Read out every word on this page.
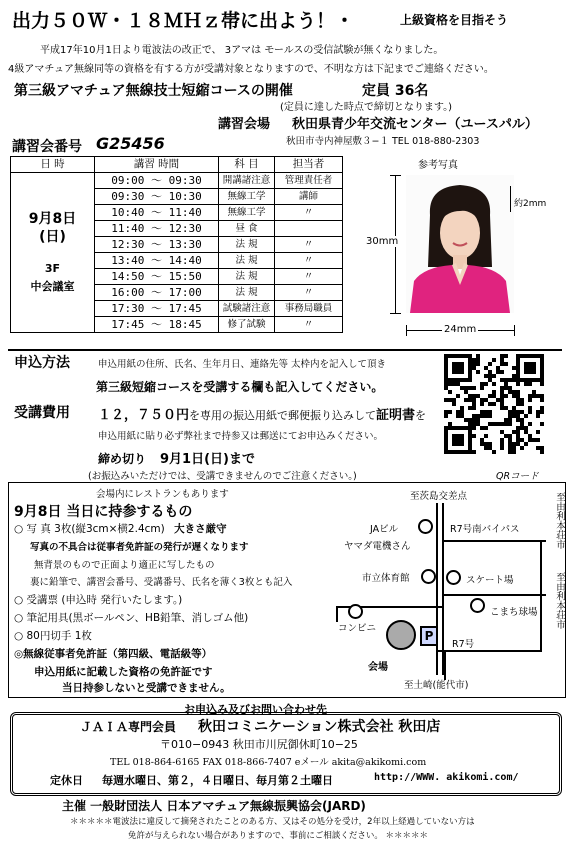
出力５０Ｗ・１８ＭＨｚ帯に出よう！・	上級資格を目指そう
平成17年10月1日より電波法の改正で、 3アマは モールスの受信試験が無くなりました。
4級アマチュア無線同等の資格を有する方が受講対象となりますので、不明な方は下記までご連絡ください。
第三級アマチュア無線技士短縮コースの開催	定員 36名
(定員に達した時点で締切となります。)
講習会場 秋田県青少年交流センター（ユースパル）
秋田市寺内神屋敷３−１ TEL 018-880-2303
講習会番号 G25456
日 時	講習 時間	科 目	担当者

9月8日
(日)
3F
中会議室	09:00 〜 09:30	開講諸注意	管理責任者
	09:30 〜 10:30	無線工学	講師
	10:40 〜 11:40	無線工学	〃
	11:40 〜 12:30	昼 食	
	12:30 〜 13:30	法 規	〃
	13:40 〜 14:40	法 規	〃
	14:50 〜 15:50	法 規	〃
	16:00 〜 17:00	法 規	〃
	17:30 〜 17:45	試験諸注意	事務局職員
	17:45 〜 18:45	修了試験	〃
参考写真
30mm
24mm
約2mm
申込方法	申込用紙の住所、氏名、生年月日、連絡先等 太枠内を記入して頂き
第三級短縮コースを受講する欄も記入してください。
受講費用 １２，７５０円を専用の振込用紙で郵便振り込みして証明書を
申込用紙に貼り必ず弊社まで持参又は郵送にてお申込みください。
締め切り 9月1日(日)まで
(お振込みいただけでは、受講できませんのでご注意ください。)	QRコード
会場内にレストランもあります
9月8日 当日に持参するもの
○ 写 真 3枚(縦3cm×横2.4cm) 大きさ厳守
写真の不具合は従事者免許証の発行が遅くなります
無背景のもので正面より適正に写したもの
裏に鉛筆で、講習会番号、受講番号、氏名を薄く3枚とも記入
○ 受講票 (申込時 発行いたします。)
○ 筆記用具(黒ボールペン、HB鉛筆、消しゴム他)
○ 80円切手 1枚
◎無線従事者免許証（第四級、電話級等）
申込用紙に記載した資格の免許証です
当日持参しないと受講できません。
至茨島交差点
R7号南バイパス
JAビル
ヤマダ電機さん
市立体育館	スケート場
こまち球場
コンビニ
P
R7号
会場
至土崎(能代市)
至由利本荘市
至由利本荘市
お申込み及びお問い合わせ先
ＪＡＩＡ専門会員 秋田コミニケーション株式会社 秋田店
〒010−0943 秋田市川尻御休町10−25
TEL 018-864-6165 FAX 018-866-7407 eメール akita@akikomi.com
定休日 毎週水曜日、第２，４日曜日、毎月第２土曜日	http://WWW. akikomi.com/
主催 一般財団法人 日本アマチュア無線振興協会(JARD)
＊＊＊＊＊電波法に違反して摘発されたことのある方、又はその処分を受け，2年以上経過していない方は
免許が与えられない場合がありますので、事前にご相談ください。 ＊＊＊＊＊
